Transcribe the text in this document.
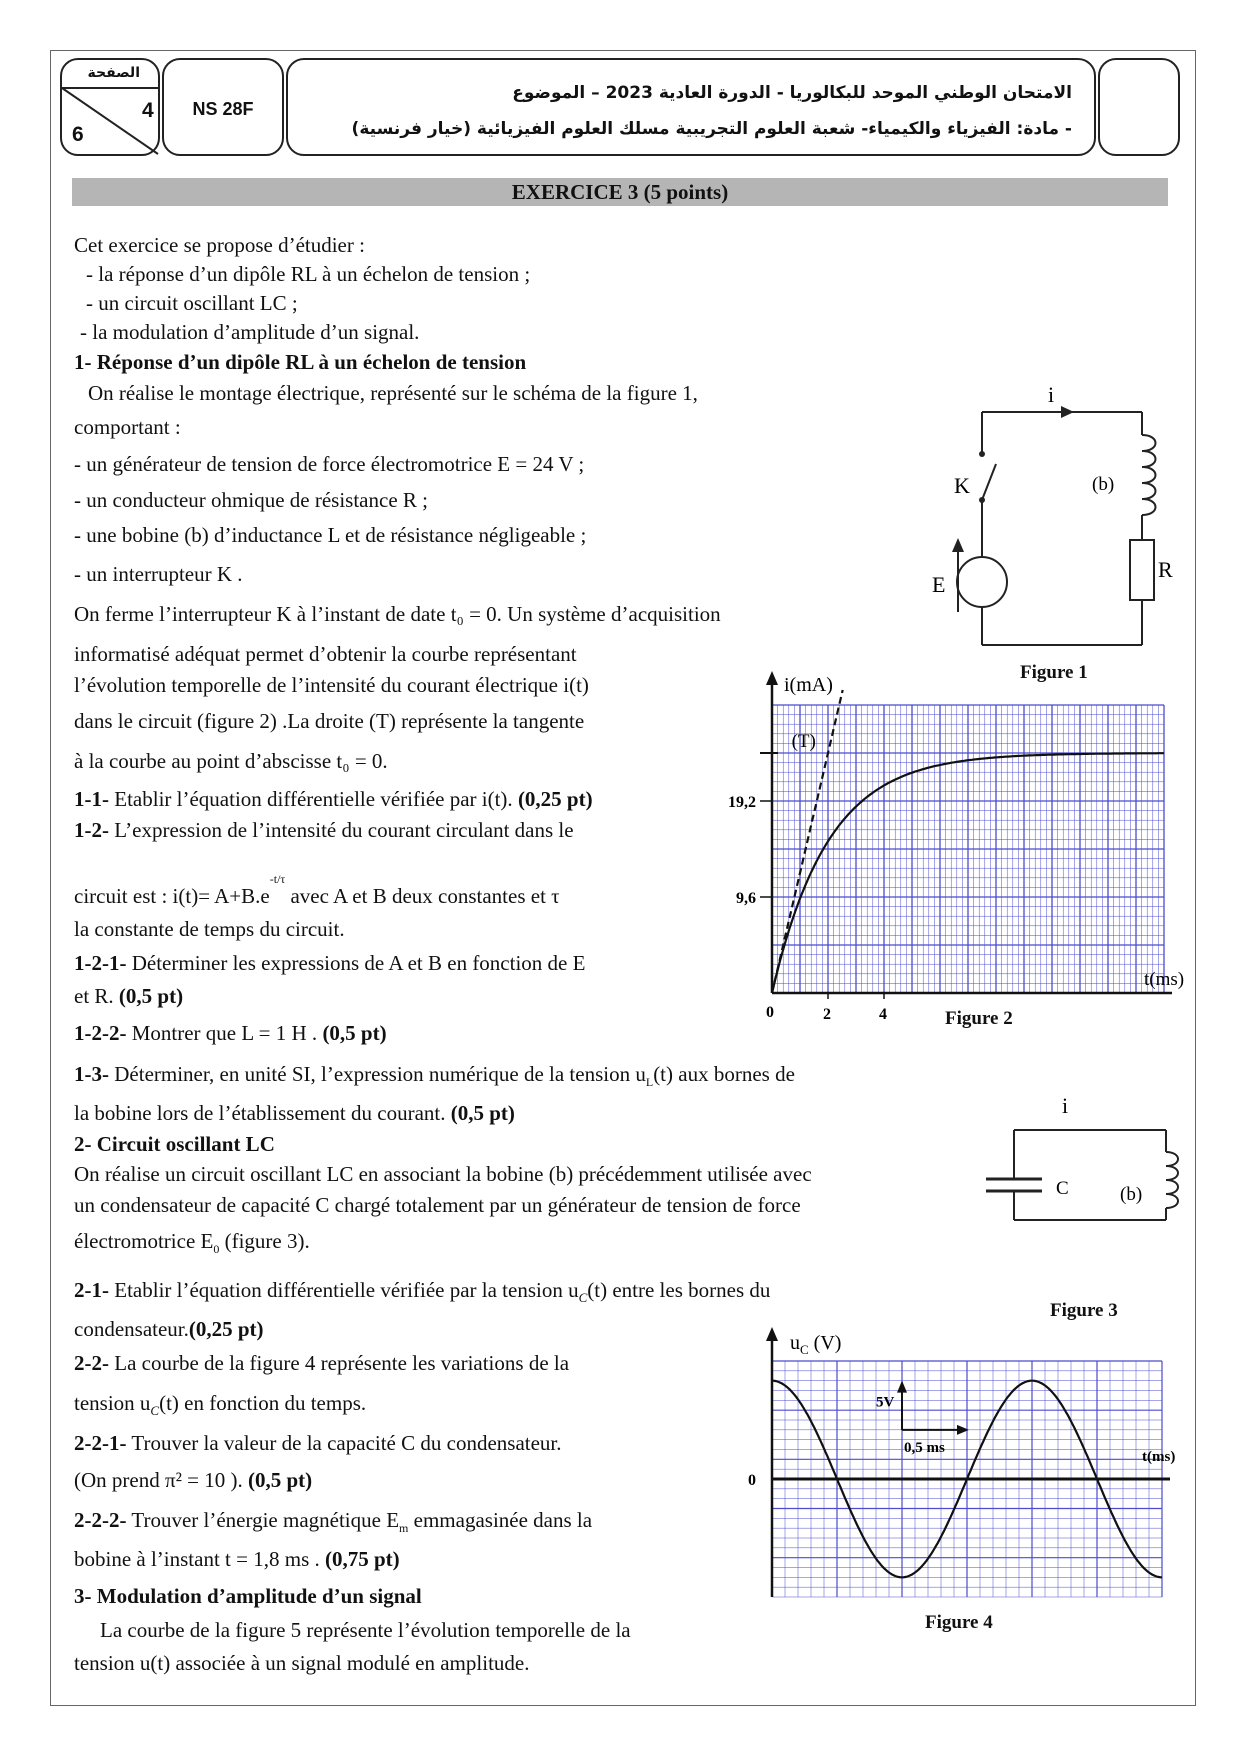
الصفحة
4
6
NS 28F
الامتحان الوطني الموحد للبكالوريا - الدورة العادية 2023 – الموضوع
- مادة: الفيزياء والكيمياء- شعبة العلوم التجريبية مسلك العلوم الفيزيائية (خيار فرنسية)
EXERCICE 3 (5 points)
Cet exercice se propose d’étudier :
- la réponse d’un dipôle RL à un échelon de tension ;
- un circuit oscillant LC ;
- la modulation d’amplitude d’un signal.
1- Réponse d’un dipôle RL à un échelon de tension
On réalise le montage électrique, représenté sur le schéma de la figure 1,
comportant :
- un générateur de tension de force électromotrice E = 24 V ;
- un conducteur ohmique de résistance R ;
- une bobine (b) d’inductance L et de résistance négligeable ;
- un interrupteur K .
On ferme l’interrupteur K à l’instant de date t₀ = 0. Un système d’acquisition
informatisé adéquat permet d’obtenir la courbe représentant
l’évolution temporelle de l’intensité du courant électrique i(t)
dans le circuit (figure 2) .La droite (T) représente la tangente
à la courbe au point d’abscisse t₀ = 0.
1-1- Etablir l’équation différentielle vérifiée par i(t). (0,25 pt)
1-2- L’expression de l’intensité du courant circulant dans le
circuit est : $i(t)= A+B.e^{-t/\tau}$ avec A et B deux constantes et τ
la constante de temps du circuit.
1-2-1- Déterminer les expressions de A et B en fonction de E
et R. (0,5 pt)
1-2-2- Montrer que L = 1 H . (0,5 pt)
1-3- Déterminer, en unité SI, l’expression numérique de la tension $u_L(t)$ aux bornes de
la bobine lors de l’établissement du courant. (0,5 pt)
2- Circuit oscillant LC
On réalise un circuit oscillant LC en associant la bobine (b) précédemment utilisée avec
un condensateur de capacité C chargé totalement par un générateur de tension de force
électromotrice $E_0$ (figure 3).
2-1- Etablir l’équation différentielle vérifiée par la tension $u_C(t)$ entre les bornes du
condensateur.(0,25 pt)
2-2- La courbe de la figure 4 représente les variations de la
tension $u_C(t)$ en fonction du temps.
2-2-1- Trouver la valeur de la capacité C du condensateur.
(On prend π² = 10 ). (0,5 pt)
2-2-2- Trouver l’énergie magnétique $E_m$ emmagasinée dans la
bobine à l’instant t = 1,8 ms . (0,75 pt)
3- Modulation d’amplitude d’un signal
La courbe de la figure 5 représente l’évolution temporelle de la
tension u(t) associée à un signal modulé en amplitude.
i
K	(b)
R
E
Figure 1
(T)
19,2
9,6
0	2	4
i(mA)
t(ms)
Figure 2
i
C	(b)
Figure 3
5V
0,5 ms
0
t(ms)
$u_C$ (V)
Figure 4
